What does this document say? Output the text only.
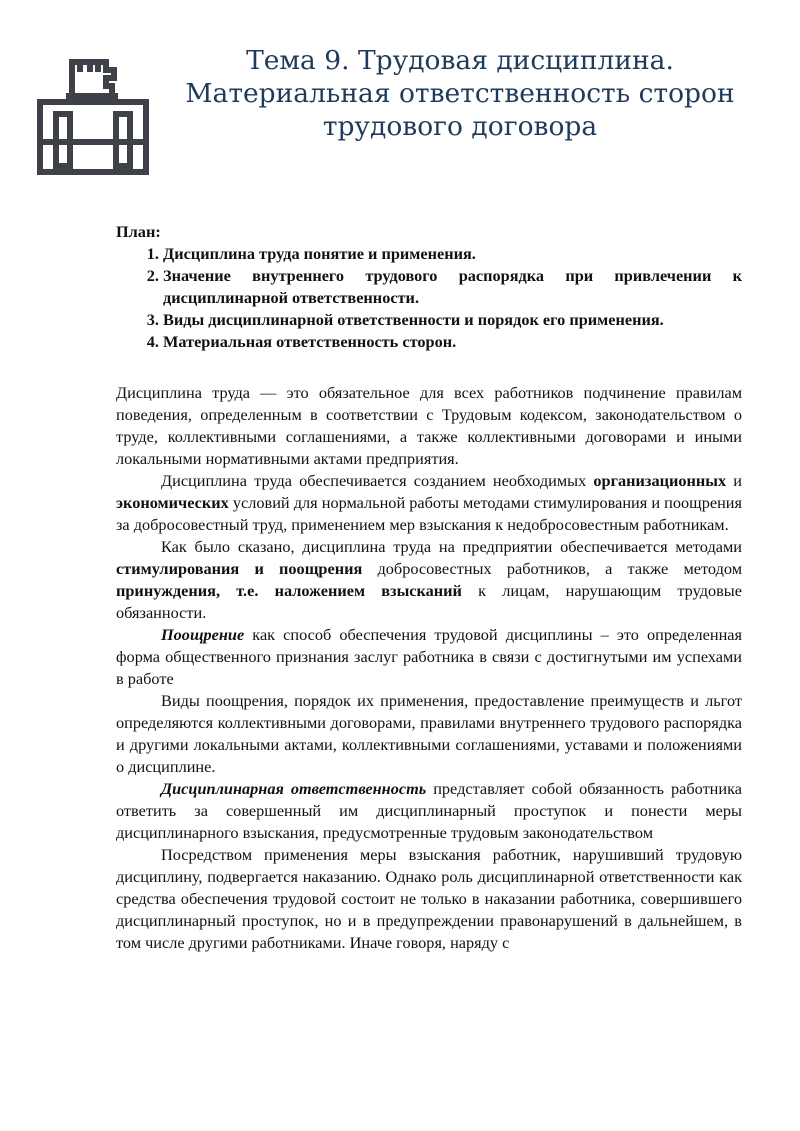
Тема 9. Трудовая дисциплина.
Материальная ответственность сторон
трудового договора
План:
1. Дисциплина труда понятие и применения.
2. Значение внутреннего трудового распорядка при привлечении к дисциплинарной ответственности.
3. Виды дисциплинарной ответственности и порядок его применения.
4. Материальная ответственность сторон.

Дисциплина труда — это обязательное для всех работников подчинение правилам поведения, определенным в соответствии с Трудовым кодексом, законодательством о труде, коллективными соглашениями, а также коллективными договорами и иными локальными нормативными актами предприятия.

Дисциплина труда обеспечивается созданием необходимых организационных и экономических условий для нормальной работы методами стимулирования и поощрения за добросовестный труд, применением мер взыскания к недобросовестным работникам.

Как было сказано, дисциплина труда на предприятии обеспечивается методами стимулирования и поощрения добросовестных работников, а также методом принуждения, т.е. наложением взысканий к лицам, нарушающим трудовые обязанности.

Поощрение как способ обеспечения трудовой дисциплины – это определенная форма общественного признания заслуг работника в связи с достигнутыми им успехами в работе

Виды поощрения, порядок их применения, предоставление преимуществ и льгот определяются коллективными договорами, правилами внутреннего трудового распорядка и другими локальными актами, коллективными соглашениями, уставами и положениями о дисциплине.

Дисциплинарная ответственность представляет собой обязанность работника ответить за совершенный им дисциплинарный проступок и понести меры дисциплинарного взыскания, предусмотренные трудовым законодательством

Посредством применения меры взыскания работник, нарушивший трудовую дисциплину, подвергается наказанию. Однако роль дисциплинарной ответственности как средства обеспечения трудовой состоит не только в наказании работника, совершившего дисциплинарный проступок, но и в предупреждении правонарушений в дальнейшем, в том числе другими работниками. Иначе говоря, наряду с
